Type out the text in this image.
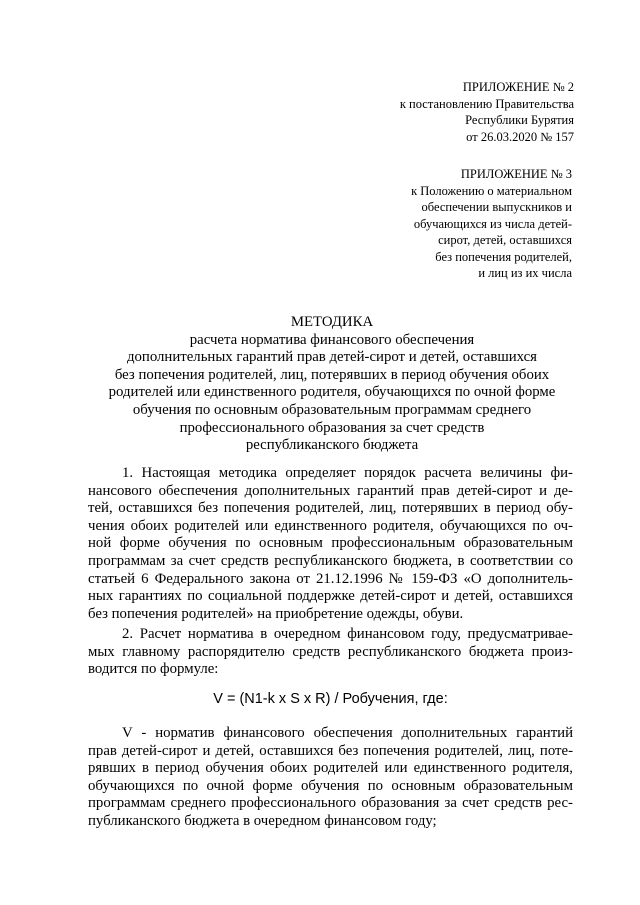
ПРИЛОЖЕНИЕ № 2
к постановлению Правительства
Республики Бурятия
от 26.03.2020 № 157
ПРИЛОЖЕНИЕ № 3
к Положению о материальном
обеспечении выпускников и
обучающихся из числа детей-
сирот, детей, оставшихся
без попечения родителей,
и лиц из их числа
МЕТОДИКА
расчета норматива финансового обеспечения
дополнительных гарантий прав детей-сирот и детей, оставшихся
без попечения родителей, лиц, потерявших в период обучения обоих
родителей или единственного родителя, обучающихся по очной форме
обучения по основным образовательным программам среднего
профессионального образования за счет средств
республиканского бюджета
1. Настоящая методика определяет порядок расчета величины фи-
нансового обеспечения дополнительных гарантий прав детей-сирот и де-
тей, оставшихся без попечения родителей, лиц, потерявших в период обу-
чения обоих родителей или единственного родителя, обучающихся по оч-
ной форме обучения по основным профессиональным образовательным
программам за счет средств республиканского бюджета, в соответствии со
статьей 6 Федерального закона от 21.12.1996 № 159-ФЗ «О дополнитель-
ных гарантиях по социальной поддержке детей-сирот и детей, оставшихся
без попечения родителей» на приобретение одежды, обуви.
2. Расчет норматива в очередном финансовом году, предусматривае-
мых главному распорядителю средств республиканского бюджета произ-
водится по формуле:
V = (N1-k x S x R) / Робучения, где:
V - норматив финансового обеспечения дополнительных гарантий
прав детей-сирот и детей, оставшихся без попечения родителей, лиц, поте-
рявших в период обучения обоих родителей или единственного родителя,
обучающихся по очной форме обучения по основным образовательным
программам среднего профессионального образования за счет средств рес-
публиканского бюджета в очередном финансовом году;
